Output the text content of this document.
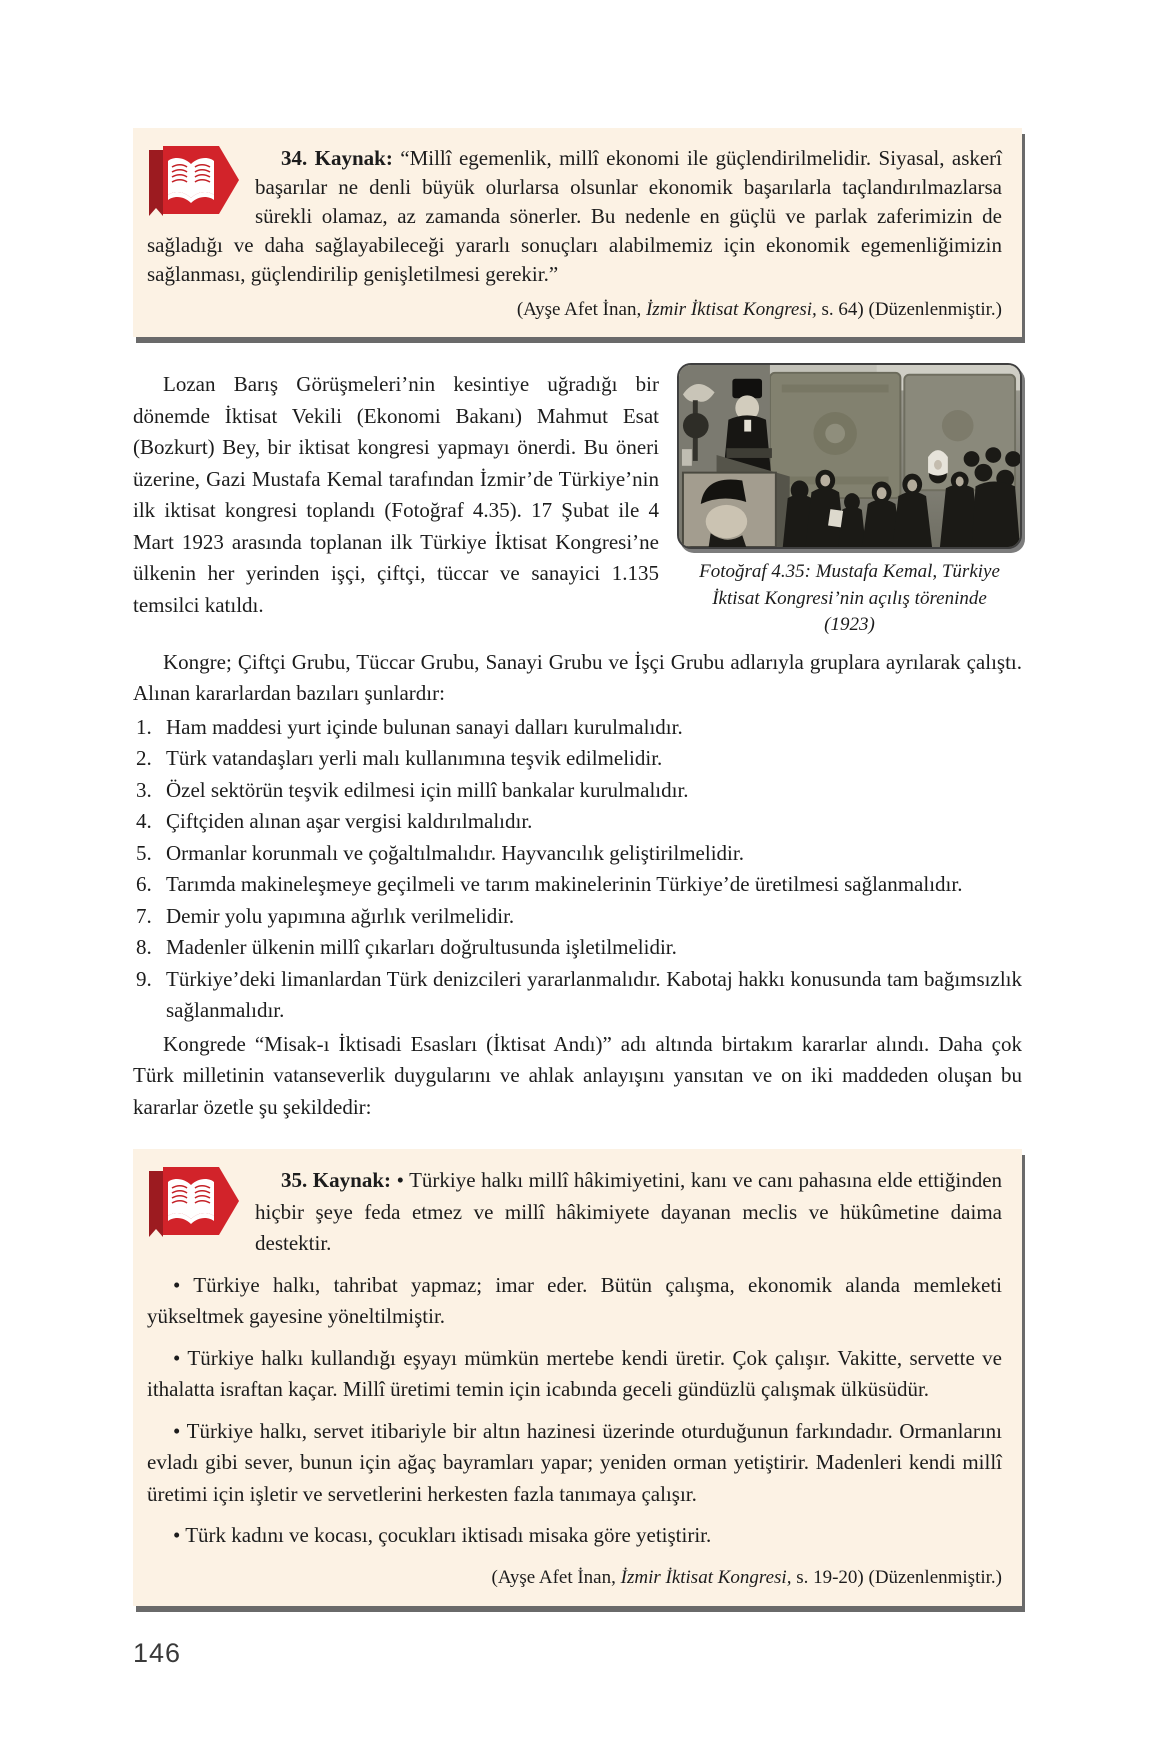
34. Kaynak: “Millî egemenlik, millî ekonomi ile güçlendirilmelidir. Siyasal, askerî başarılar ne denli büyük olurlarsa olsunlar ekonomik başarılarla taçlandırılmazlarsa sürekli olamaz, az zamanda sönerler. Bu nedenle en güçlü ve parlak zaferimizin de sağladığı ve daha sağlayabileceği yararlı sonuçları alabilmemiz için ekonomik egemenliğimizin sağlanması, güçlendirilip genişletilmesi gerekir.”

(Ayşe Afet İnan, İzmir İktisat Kongresi, s. 64) (Düzenlenmiştir.)

Fotoğraf 4.35: Mustafa Kemal, Türkiye İktisat Kongresi’nin açılış töreninde (1923)

Lozan Barış Görüşmeleri’nin kesintiye uğradığı bir dönemde İktisat Vekili (Ekonomi Bakanı) Mahmut Esat (Bozkurt) Bey, bir iktisat kongresi yapmayı önerdi. Bu öneri üzerine, Gazi Mustafa Kemal tarafından İzmir’de Türkiye’nin ilk iktisat kongresi toplandı (Fotoğraf 4.35). 17 Şubat ile 4 Mart 1923 arasında toplanan ilk Türkiye İktisat Kongresi’ne ülkenin her yerinden işçi, çiftçi, tüccar ve sanayici 1.135 temsilci katıldı.

Kongre; Çiftçi Grubu, Tüccar Grubu, Sanayi Grubu ve İşçi Grubu adlarıyla gruplara ayrılarak çalıştı. Alınan kararlardan bazıları şunlardır:

Ham maddesi yurt içinde bulunan sanayi dalları kurulmalıdır.
Türk vatandaşları yerli malı kullanımına teşvik edilmelidir.
Özel sektörün teşvik edilmesi için millî bankalar kurulmalıdır.
Çiftçiden alınan aşar vergisi kaldırılmalıdır.
Ormanlar korunmalı ve çoğaltılmalıdır. Hayvancılık geliştirilmelidir.
Tarımda makineleşmeye geçilmeli ve tarım makinelerinin Türkiye’de üretilmesi sağlanmalıdır.
Demir yolu yapımına ağırlık verilmelidir.
Madenler ülkenin millî çıkarları doğrultusunda işletilmelidir.
Türkiye’deki limanlardan Türk denizcileri yararlanmalıdır. Kabotaj hakkı konusunda tam bağımsızlık sağlanmalıdır.

Kongrede “Misak-ı İktisadi Esasları (İktisat Andı)” adı altında birtakım kararlar alındı. Daha çok Türk milletinin vatanseverlik duygularını ve ahlak anlayışını yansıtan ve on iki maddeden oluşan bu kararlar özetle şu şekildedir:

35. Kaynak: • Türkiye halkı millî hâkimiyetini, kanı ve canı pahasına elde ettiğinden hiçbir şeye feda etmez ve millî hâkimiyete dayanan meclis ve hükûmetine daima destektir.

• Türkiye halkı, tahribat yapmaz; imar eder. Bütün çalışma, ekonomik alanda memleketi yükseltmek gayesine yöneltilmiştir.

• Türkiye halkı kullandığı eşyayı mümkün mertebe kendi üretir. Çok çalışır. Vakitte, servette ve ithalatta israftan kaçar. Millî üretimi temin için icabında geceli gündüzlü çalışmak ülküsüdür.

• Türkiye halkı, servet itibariyle bir altın hazinesi üzerinde oturduğunun farkındadır. Ormanlarını evladı gibi sever, bunun için ağaç bayramları yapar; yeniden orman yetiştirir. Madenleri kendi millî üretimi için işletir ve servetlerini herkesten fazla tanımaya çalışır.

• Türk kadını ve kocası, çocukları iktisadı misaka göre yetiştirir.

(Ayşe Afet İnan, İzmir İktisat Kongresi, s. 19-20) (Düzenlenmiştir.)

146
